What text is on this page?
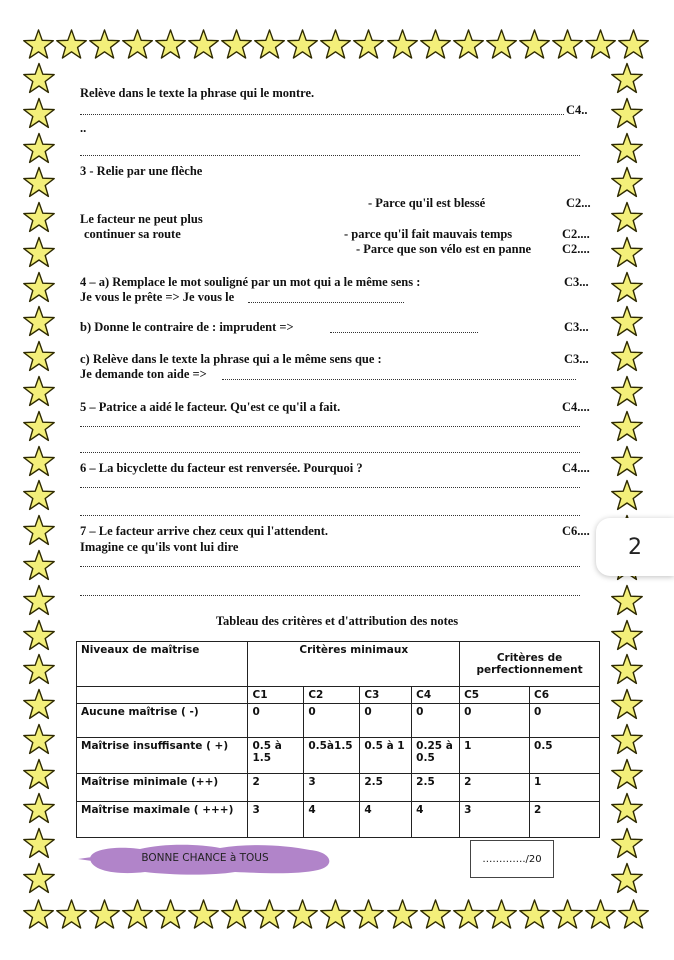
Relève dans le texte la phrase qui le montre.
C4..
..
3 - Relie par une flèche
- Parce qu'il est blessé	C2...
Le facteur ne peut plus
continuer sa route	- parce qu'il fait mauvais temps	C2....
- Parce que son vélo est en panne C2....
4 – a) Remplace le mot souligné par un mot qui a le même sens :	C3...
Je vous le prête => Je vous le
b) Donne le contraire de : imprudent =>	C3...
c) Relève dans le texte la phrase qui a le même sens que :	C3...
Je demande ton aide =>
5 – Patrice a aidé le facteur. Qu'est ce qu'il a fait.	C4....
6 – La bicyclette du facteur est renversée. Pourquoi ?	C4....
7 – Le facteur arrive chez ceux qui l'attendent.	C6....
Imagine ce qu'ils vont lui dire
Tableau des critères et d'attribution des notes
Niveaux de maîtrise	Critères minimaux				Critères de perfectionnement	

	C1	C2	C3	C4	C5	C6
Aucune maîtrise ( -)	0	0	0	0	0	0
Maîtrise insuffisante ( +)	0.5 à 1.5	0.5à1.5	0.5 à 1	0.25 à 0.5	1	0.5
Maîtrise minimale (++)	2	3	2.5	2.5	2	1
Maîtrise maximale ( +++)	3	4	4	4	3	2
BONNE CHANCE à TOUS	…………./20
2
